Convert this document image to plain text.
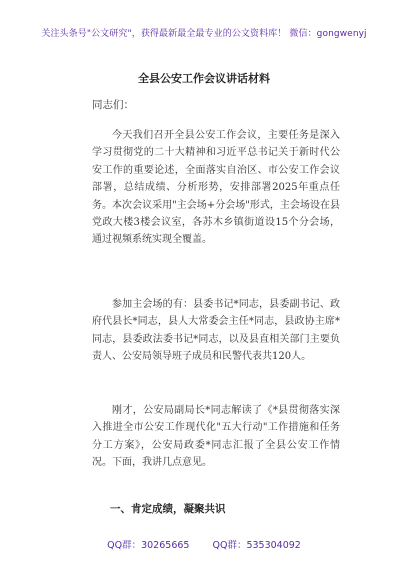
关注头条号"公文研究"，获得最新最全最专业的公文资料库！ 微信：gongwenyj
全县公安工作会议讲话材料
同志们：

今天我们召开全县公安工作会议，主要任务是深入学习贯彻党的二十大精神和习近平总书记关于新时代公安工作的重要论述，全面落实自治区、市公安工作会议部署，总结成绩、分析形势，安排部署2025年重点任务。本次会议采用"主会场+分会场"形式，主会场设在县党政大楼3楼会议室，各苏木乡镇街道设15个分会场，通过视频系统实现全覆盖。

参加主会场的有：县委书记*同志，县委副书记、政府代县长*同志，县人大常委会主任*同志，县政协主席*同志，县委政法委书记*同志，以及县直相关部门主要负责人、公安局领导班子成员和民警代表共120人。

刚才，公安局副局长*同志解读了《*县贯彻落实深入推进全市公安工作现代化"五大行动"工作措施和任务分工方案》，公安局政委*同志汇报了全县公安工作情况。下面，我讲几点意见。

一、肯定成绩，凝聚共识
QQ群：30265665 QQ群：535304092
